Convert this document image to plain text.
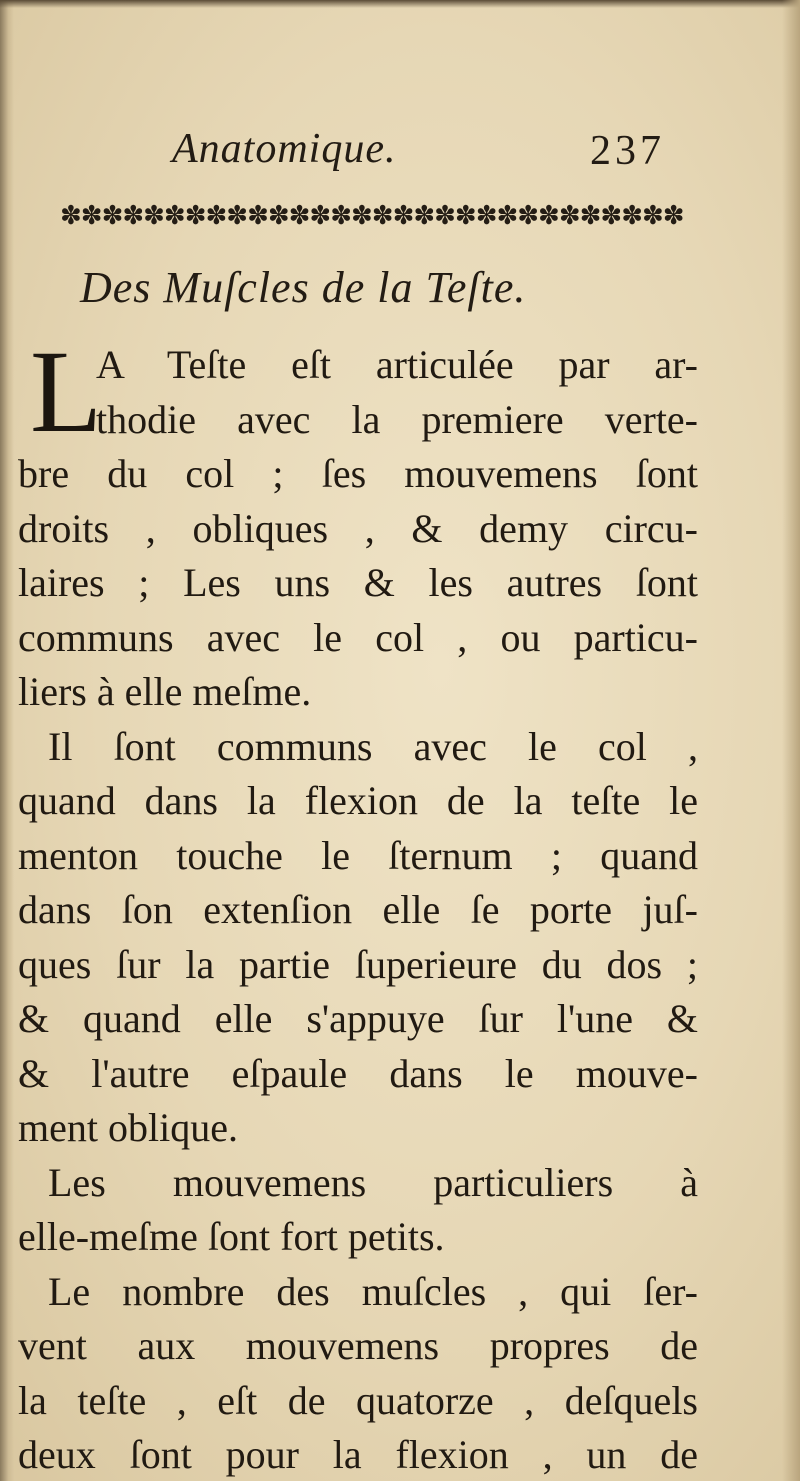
Anatomique.	237
✽✽✽✽✽✽✽✽✽✽✽✽✽✽✽✽✽✽✽✽✽✽✽✽✽✽✽✽✽✽
Des Muſcles de la Teſte.
L
A Teſte eſt articulée par ar-
thodie avec la premiere verte-
bre du col ; ſes mouvemens ſont
droits , obliques , & demy circu-
laires ; Les uns & les autres ſont
communs avec le col , ou particu-
liers à elle meſme.
Il ſont communs avec le col ,
quand dans la flexion de la teſte le
menton touche le ſternum ; quand
dans ſon extenſion elle ſe porte juſ-
ques ſur la partie ſuperieure du dos ;
& quand elle s'appuye ſur l'une &
& l'autre eſpaule dans le mouve-
ment oblique.
Les mouvemens particuliers à
elle-meſme ſont fort petits.
Le nombre des muſcles , qui ſer-
vent aux mouvemens propres de
la teſte , eſt de quatorze , deſquels
deux ſont pour la flexion , un de
